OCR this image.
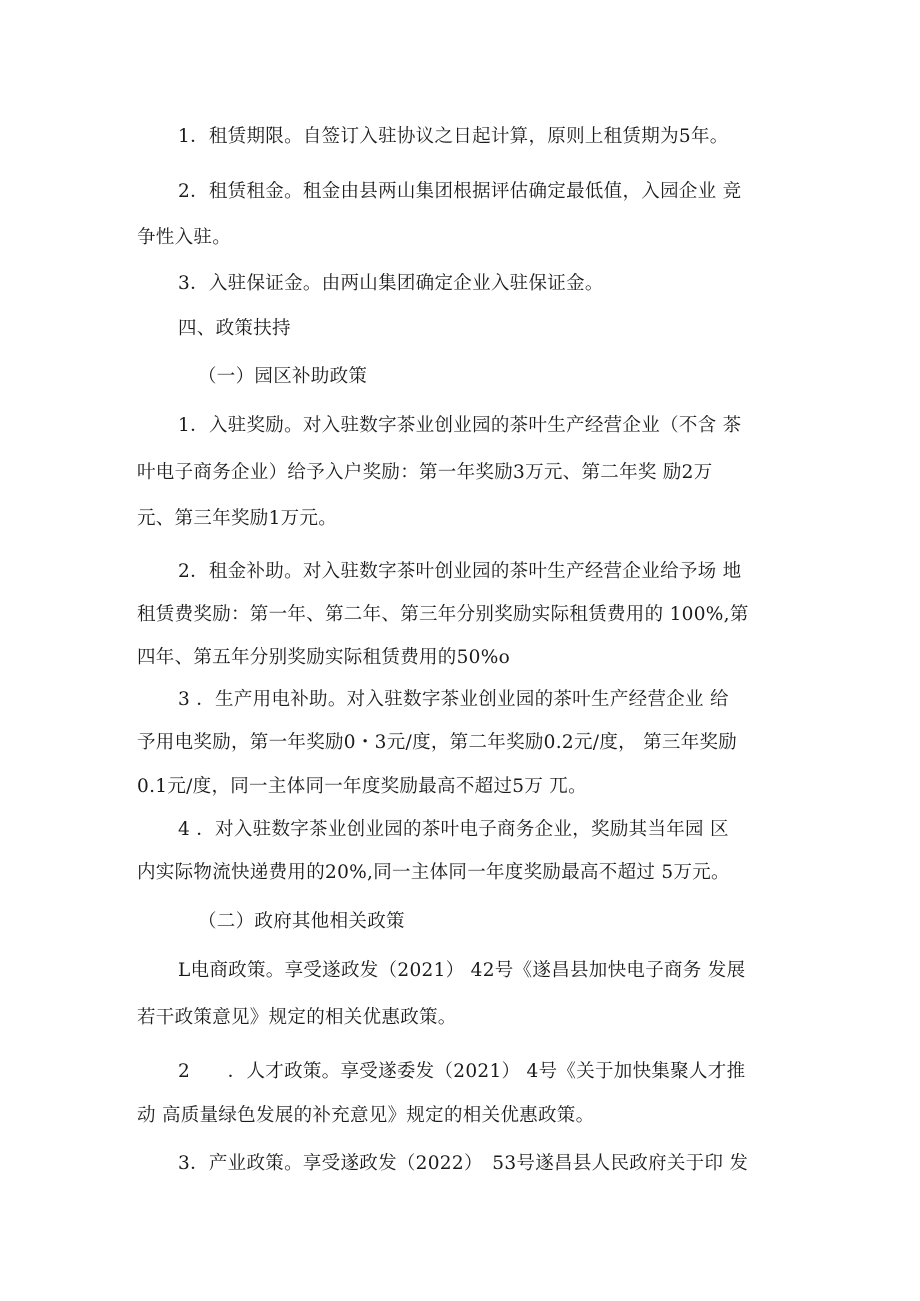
1．租赁期限。自签订入驻协议之日起计算，原则上租赁期为5年。
2．租赁租金。租金由县两山集团根据评估确定最低值，入园企业 竞
争性入驻。
3．入驻保证金。由两山集团确定企业入驻保证金。
四、政策扶持
（一）园区补助政策
1．入驻奖励。对入驻数字茶业创业园的茶叶生产经营企业（不含 茶
叶电子商务企业）给予入户奖励：第一年奖励3万元、第二年奖 励2万
元、第三年奖励1万元。
2．租金补助。对入驻数字茶叶创业园的茶叶生产经营企业给予场 地
租赁费奖励：第一年、第二年、第三年分别奖励实际租赁费用的 100%,第
四年、第五年分别奖励实际租赁费用的50%o
3 ．生产用电补助。对入驻数字茶业创业园的茶叶生产经营企业 给
予用电奖励，第一年奖励0・3元/度，第二年奖励0.2元/度， 第三年奖励
0.1元/度，同一主体同一年度奖励最高不超过5万 兀。
4 ．对入驻数字茶业创业园的茶叶电子商务企业，奖励其当年园 区
内实际物流快递费用的20%,同一主体同一年度奖励最高不超过 5万元。
（二）政府其他相关政策
L电商政策。享受遂政发（2021） 42号《遂昌县加快电子商务 发展
若干政策意见》规定的相关优惠政策。
2　　．人才政策。享受遂委发（2021） 4号《关于加快集聚人才推
动 高质量绿色发展的补充意见》规定的相关优惠政策。
3．产业政策。享受遂政发（2022）　53号遂昌县人民政府关于印 发
